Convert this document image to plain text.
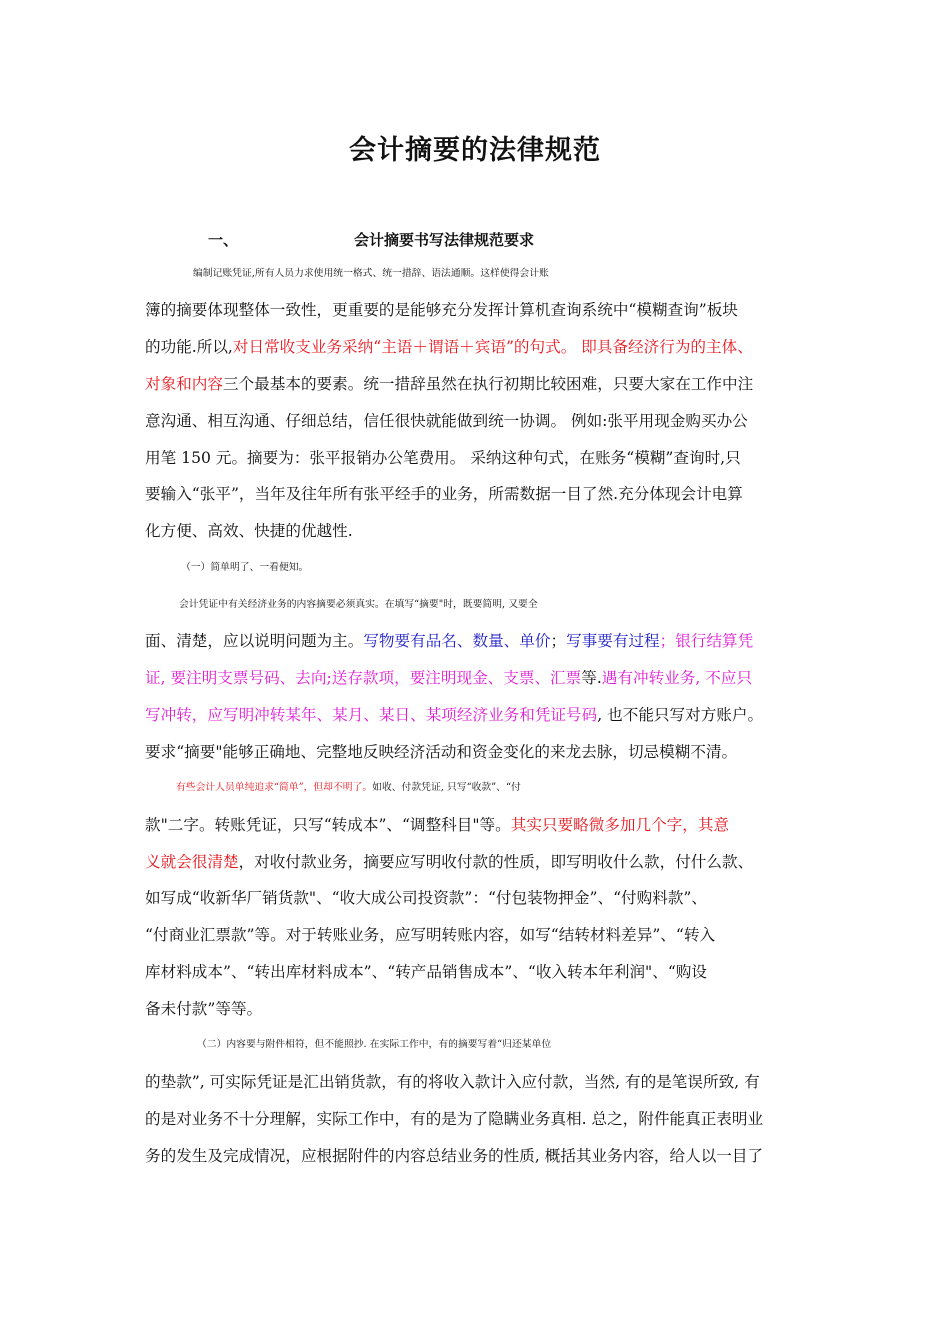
会计摘要的法律规范
一、	会计摘要书写法律规范要求
编制记账凭证,所有人员力求使用统一格式、统一措辞、语法通顺。这样使得会计账
簿的摘要体现整体一致性，更重要的是能够充分发挥计算机查询系统中“模糊查询”板块
的功能.所以,对日常收支业务采纳“主语＋谓语＋宾语”的句式。 即具备经济行为的主体、
对象和内容三个最基本的要素。统一措辞虽然在执行初期比较困难，只要大家在工作中注
意沟通、相互沟通、仔细总结，信任很快就能做到统一协调。 例如:张平用现金购买办公
用笔 150 元。摘要为：张平报销办公笔费用。 采纳这种句式，在账务“模糊”查询时,只
要输入“张平”，当年及往年所有张平经手的业务，所需数据一目了然.充分体现会计电算
化方便、高效、快捷的优越性.
（一）简单明了、一看便知。
会计凭证中有关经济业务的内容摘要必须真实。在填写“摘要"时，既要简明, 又要全
面、清楚，应以说明问题为主。写物要有品名、数量、单价；写事要有过程；银行结算凭
证, 要注明支票号码、去向;送存款项，要注明现金、支票、汇票等.遇有冲转业务, 不应只
写冲转，应写明冲转某年、某月、某日、某项经济业务和凭证号码, 也不能只写对方账户。
要求“摘要"能够正确地、完整地反映经济活动和资金变化的来龙去脉，切忌模糊不清。
有些会计人员单纯追求“简单”，但却不明了。如收、付款凭证, 只写“收款”、“付
款"二字。转账凭证，只写“转成本”、“调整科目"等。其实只要略微多加几个字，其意
义就会很清楚，对收付款业务，摘要应写明收付款的性质，即写明收什么款，付什么款、
如写成“收新华厂销货款"、“收大成公司投资款”：“付包装物押金”、“付购料款”、
“付商业汇票款”等。对于转账业务，应写明转账内容，如写“结转材料差异”、“转入
库材料成本”、“转出库材料成本”、“转产品销售成本”、“收入转本年利润"、“购设
备未付款”等等。
（二）内容要与附件相符，但不能照抄. 在实际工作中，有的摘要写着“归还某单位
的垫款”, 可实际凭证是汇出销货款，有的将收入款计入应付款，当然, 有的是笔误所致, 有
的是对业务不十分理解，实际工作中，有的是为了隐瞒业务真相. 总之，附件能真正表明业
务的发生及完成情况，应根据附件的内容总结业务的性质, 概括其业务内容，给人以一目了
